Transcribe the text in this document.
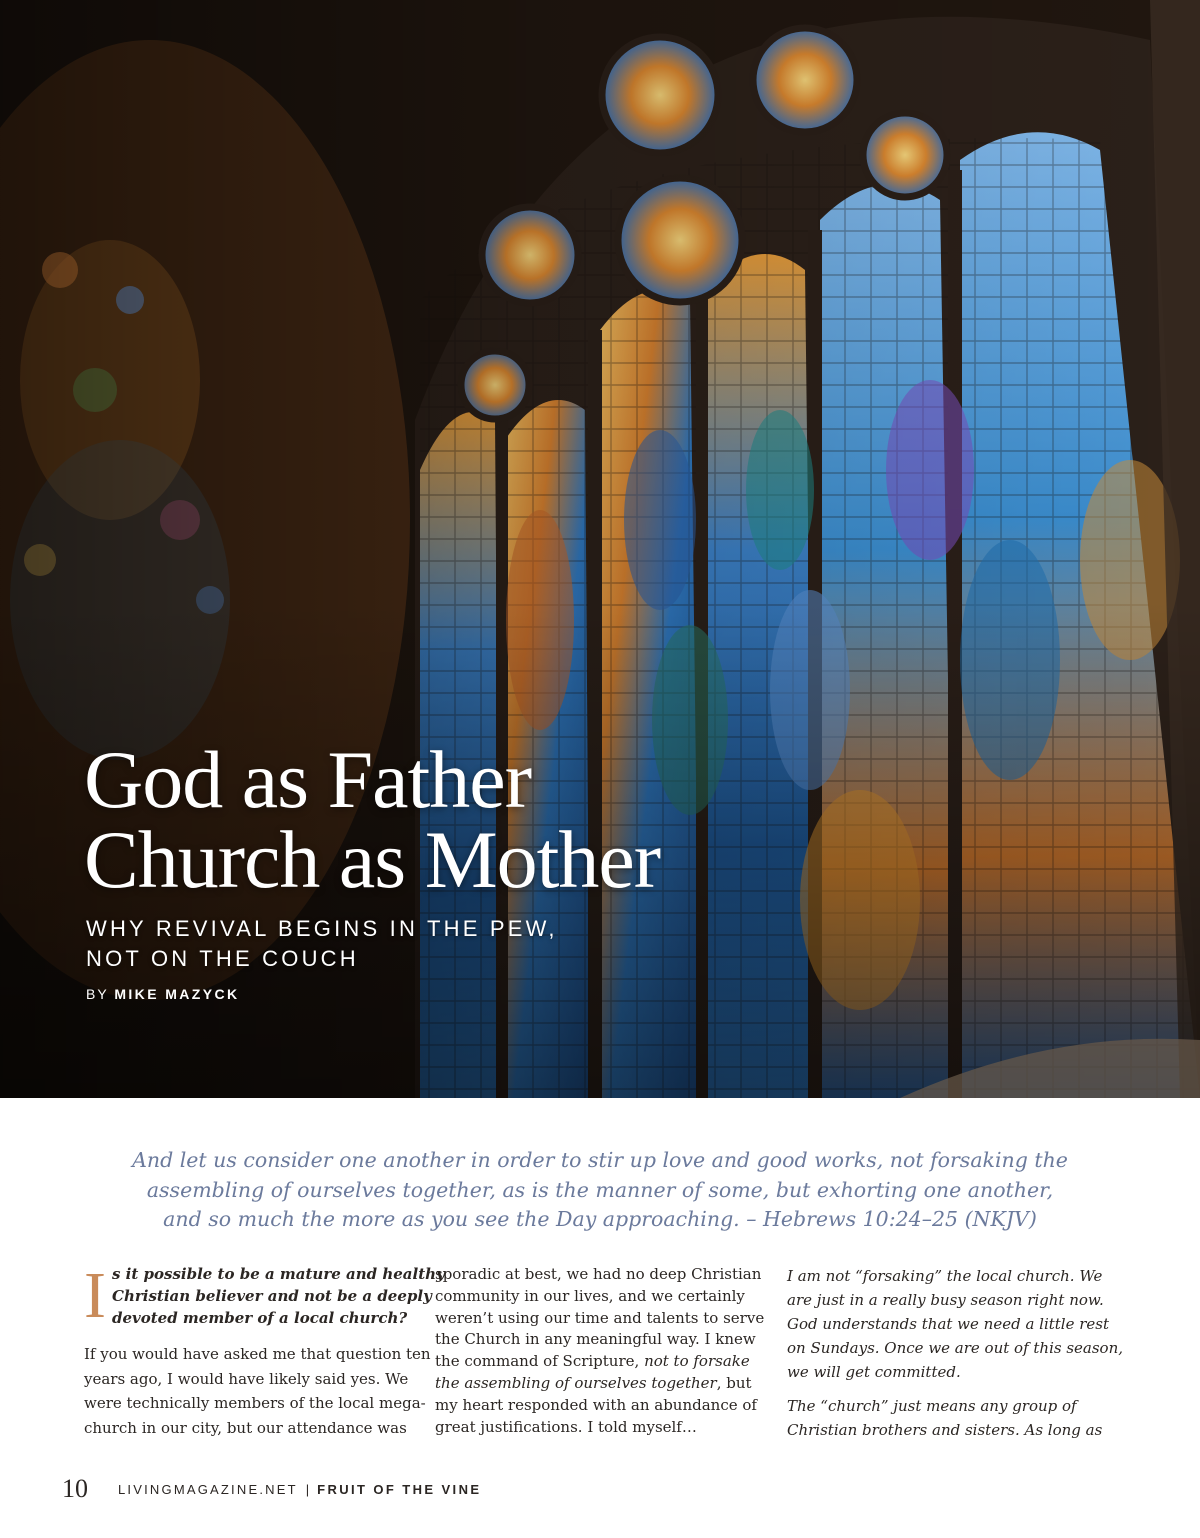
God as Father
Church as Mother
WHY REVIVAL BEGINS IN THE PEW,
NOT ON THE COUCH
BY MIKE MAZYCK
And let us consider one another in order to stir up love and good works, not forsaking the
assembling of ourselves together, as is the manner of some, but exhorting one another,
and so much the more as you see the Day approaching. – Hebrews 10:24–25 (NKJV)
I s it possible to be a mature and healthy
Christian believer and not be a deeply
devoted member of a local church?
If you would have asked me that question ten
years ago, I would have likely said yes. We
were technically members of the local mega-
church in our city, but our attendance was
sporadic at best, we had no deep Christian
community in our lives, and we certainly
weren’t using our time and talents to serve
the Church in any meaningful way. I knew
the command of Scripture, not to forsake
the assembling of ourselves together, but
my heart responded with an abundance of
great justifications. I told myself…
I am not “forsaking” the local church. We
are just in a really busy season right now.
God understands that we need a little rest
on Sundays. Once we are out of this season,
we will get committed.
The “church” just means any group of
Christian brothers and sisters. As long as
10 LIVINGMAGAZINE.NET | FRUIT OF THE VINE
